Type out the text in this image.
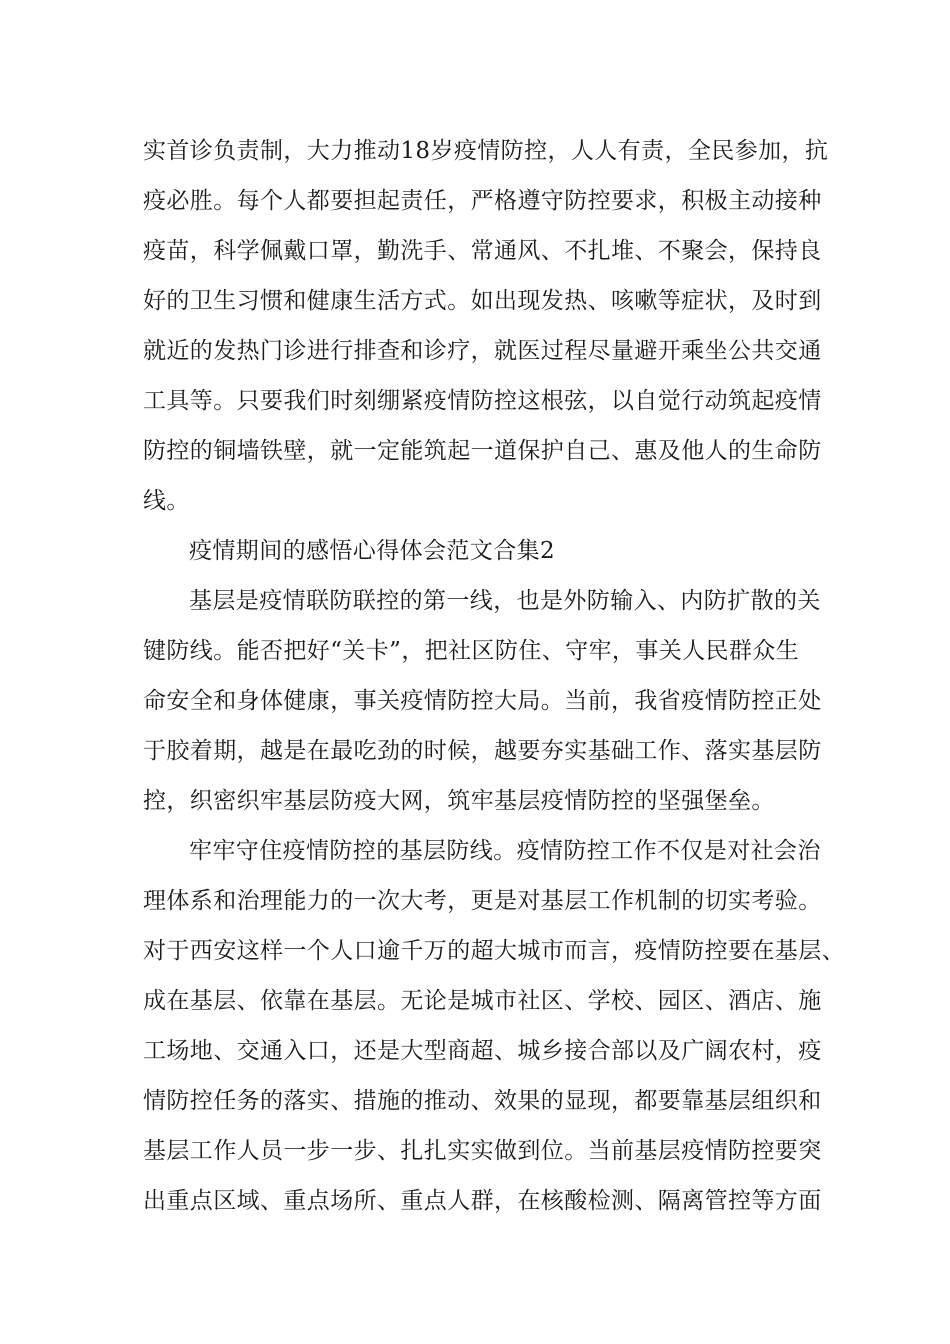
实首诊负责制，大力推动18岁疫情防控，人人有责，全民参加，抗
疫必胜。每个人都要担起责任，严格遵守防控要求，积极主动接种
疫苗，科学佩戴口罩，勤洗手、常通风、不扎堆、不聚会，保持良
好的卫生习惯和健康生活方式。如出现发热、咳嗽等症状，及时到
就近的发热门诊进行排查和诊疗，就医过程尽量避开乘坐公共交通
工具等。只要我们时刻绷紧疫情防控这根弦，以自觉行动筑起疫情
防控的铜墙铁壁，就一定能筑起一道保护自己、惠及他人的生命防
线。
疫情期间的感悟心得体会范文合集2
基层是疫情联防联控的第一线，也是外防输入、内防扩散的关
键防线。能否把好“关卡”，把社区防住、守牢，事关人民群众生
命安全和身体健康，事关疫情防控大局。当前，我省疫情防控正处
于胶着期，越是在最吃劲的时候，越要夯实基础工作、落实基层防
控，织密织牢基层防疫大网，筑牢基层疫情防控的坚强堡垒。
牢牢守住疫情防控的基层防线。疫情防控工作不仅是对社会治
理体系和治理能力的一次大考，更是对基层工作机制的切实考验。
对于西安这样一个人口逾千万的超大城市而言，疫情防控要在基层、
成在基层、依靠在基层。无论是城市社区、学校、园区、酒店、施
工场地、交通入口，还是大型商超、城乡接合部以及广阔农村，疫
情防控任务的落实、措施的推动、效果的显现，都要靠基层组织和
基层工作人员一步一步、扎扎实实做到位。当前基层疫情防控要突
出重点区域、重点场所、重点人群，在核酸检测、隔离管控等方面
